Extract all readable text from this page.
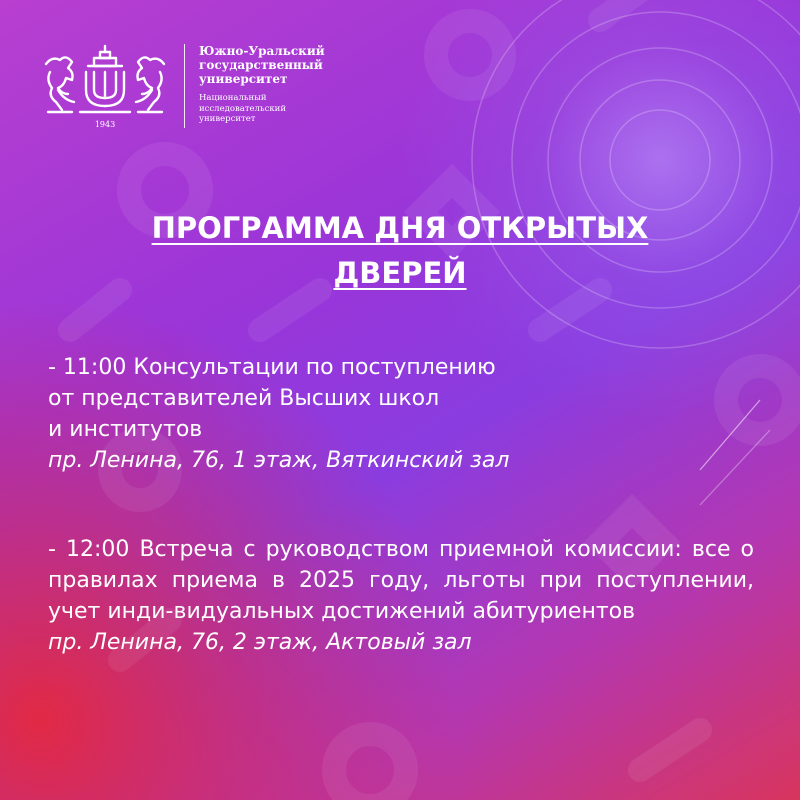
1943
Южно-Уральский
государственный
университет
Национальный
исследовательский
университет
ПРОГРАММА ДНЯ ОТКРЫТЫХ
ДВЕРЕЙ
- 11:00 Консультации по поступлению
от представителей Высших школ
и институтов
пр. Ленина, 76, 1 этаж, Вяткинский зал
- 12:00 Встреча с руководством приемной комиссии: все о правилах приема в 2025 году, льготы при поступлении, учет инди-видуальных достижений абитуриентов
пр. Ленина, 76, 2 этаж, Актовый зал
